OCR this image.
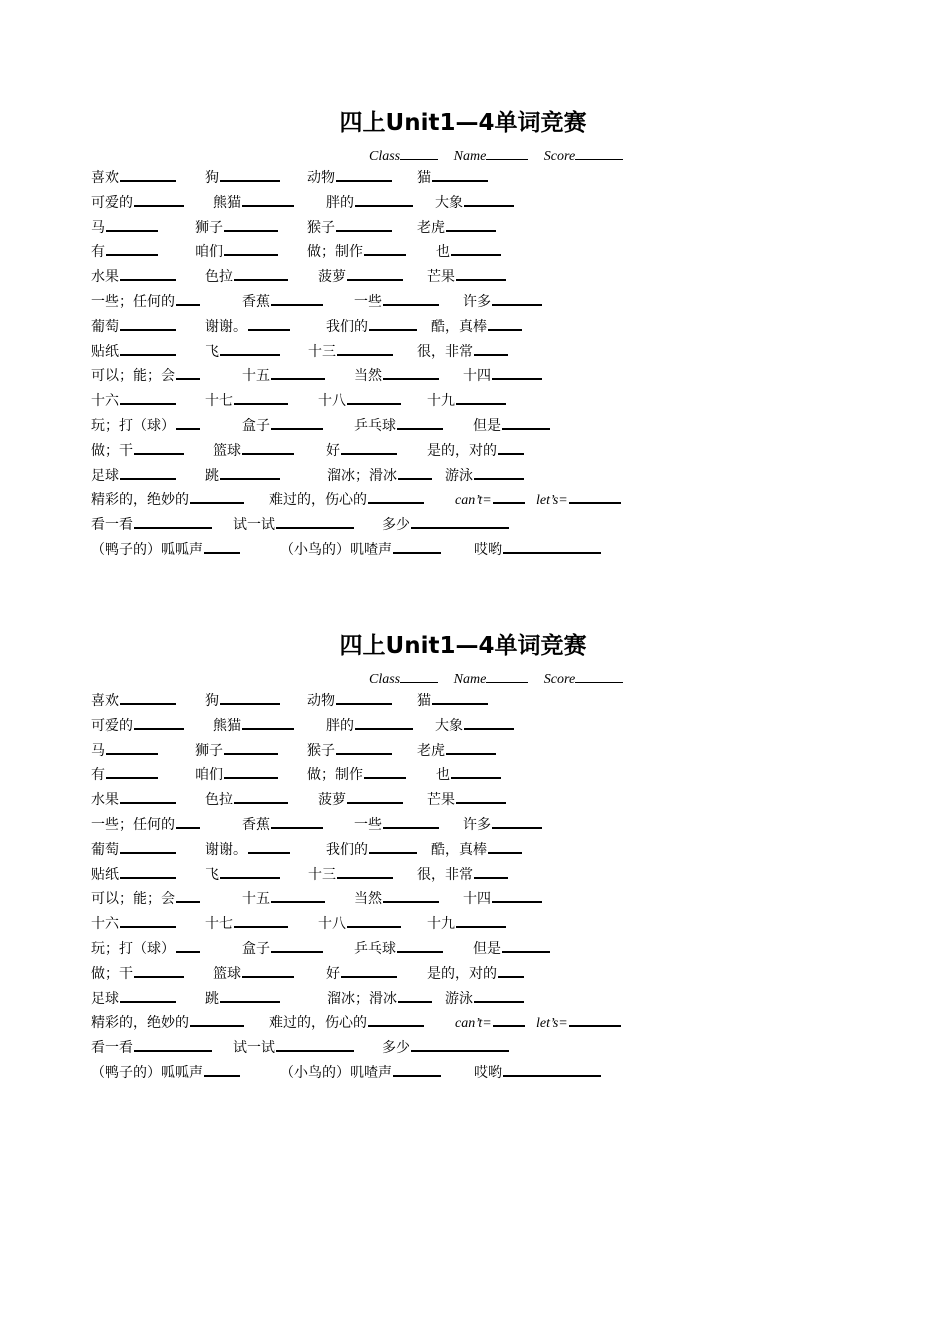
四上Unit1—4单词竞赛
Class	Name	Score
喜欢	狗	动物	猫
可爱的	熊猫	胖的	大象
马	狮子	猴子	老虎
有	咱们	做；制作	也
水果	色拉	菠萝	芒果
一些；任何的	香蕉	一些	许多
葡萄	谢谢。	我们的	酷，真棒
贴纸	飞	十三	很，非常
可以；能；会	十五	当然	十四
十六	十七	十八	十九
玩；打（球）	盒子	乒乓球	但是
做；干	篮球	好	是的，对的
足球	跳	溜冰；滑冰	游泳
精彩的，绝妙的	难过的，伤心的	can’t=	let’s=
看一看	试一试	多少
（鸭子的）呱呱声	（小鸟的）叽喳声	哎哟
四上Unit1—4单词竞赛
Class	Name	Score
喜欢	狗	动物	猫
可爱的	熊猫	胖的	大象
马	狮子	猴子	老虎
有	咱们	做；制作	也
水果	色拉	菠萝	芒果
一些；任何的	香蕉	一些	许多
葡萄	谢谢。	我们的	酷，真棒
贴纸	飞	十三	很，非常
可以；能；会	十五	当然	十四
十六	十七	十八	十九
玩；打（球）	盒子	乒乓球	但是
做；干	篮球	好	是的，对的
足球	跳	溜冰；滑冰	游泳
精彩的，绝妙的	难过的，伤心的	can’t=	let’s=
看一看	试一试	多少
（鸭子的）呱呱声	（小鸟的）叽喳声	哎哟
